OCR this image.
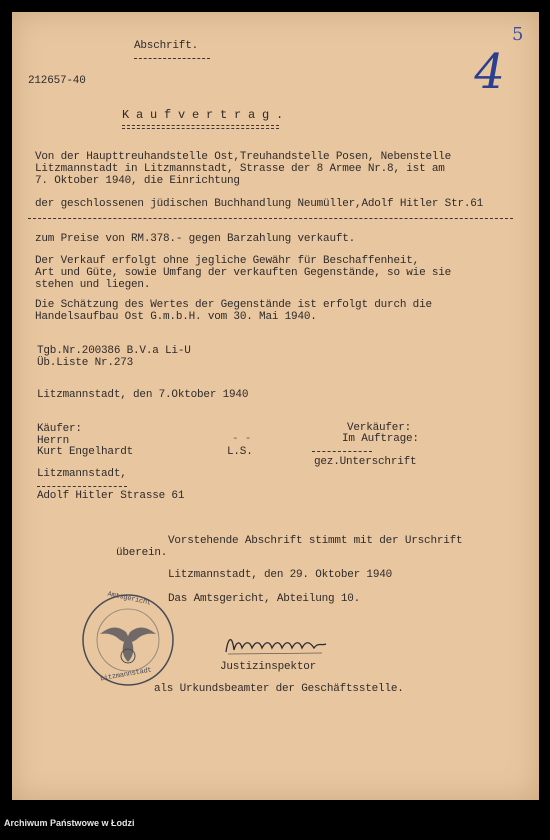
Abschrift.
212657-40	4
5
K a u f v e r t r a g .
Von der Haupttreuhandstelle Ost,Treuhandstelle Posen, Nebenstelle
Litzmannstadt in Litzmannstadt, Strasse der 8 Armee Nr.8, ist am
7. Oktober 1940, die Einrichtung
der geschlossenen jüdischen Buchhandlung Neumüller,Adolf Hitler Str.61
zum Preise von RM.378.- gegen Barzahlung verkauft.
Der Verkauf erfolgt ohne jegliche Gewähr für Beschaffenheit,
Art und Güte, sowie Umfang der verkauften Gegenstände, so wie sie
stehen und liegen.
Die Schätzung des Wertes der Gegenstände ist erfolgt durch die
Handelsaufbau Ost G.m.b.H. vom 30. Mai 1940.
Tgb.Nr.200386 B.V.a Li-U
Üb.Liste Nr.273
Litzmannstadt, den 7.Oktober 1940
Käufer:
Herrn
Kurt Engelhardt
Litzmannstadt,
Adolf Hitler Strasse 61
- -
L.S.
Verkäufer:
Im Auftrage:
gez.Unterschrift
Vorstehende Abschrift stimmt mit der Urschrift
überein.
Litzmannstadt, den 29. Oktober 1940
Das Amtsgericht, Abteilung 10.
Amtsgericht
Litzmannstadt	Justizinspektor
als Urkundsbeamter der Geschäftsstelle.
Archiwum Państwowe w Łodzi
